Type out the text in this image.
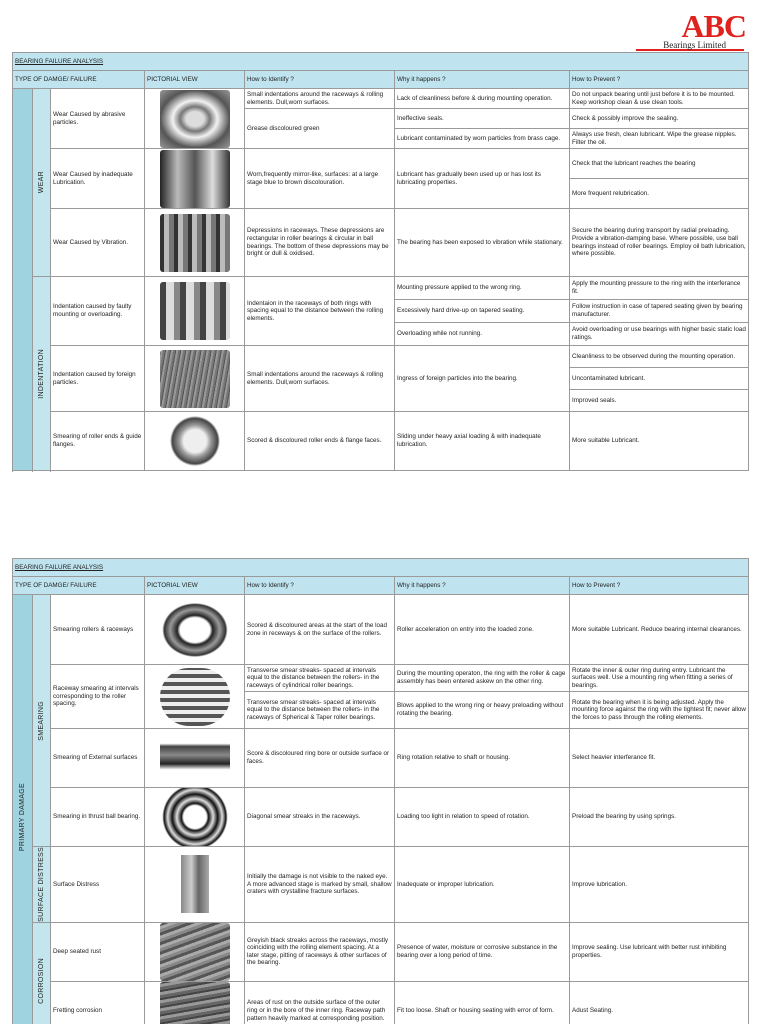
ABC
Bearings Limited
BEARING FAILURE ANALYSIS						
TYPE OF DAMGE/ FAILURE			PICTORIAL VIEW	How to Identify ?	Why it happens ?	How to Prevent ?

	WEAR	Wear Caused by abrasive particles.		Small indentations around the raceways & rolling elements. Dull,worn surfaces.	Lack of cleanliness before & during mounting operation.	Do not unpack bearing until just before it is to be mounted. Keep workshop clean & use clean tools.
				Grease discoloured green	Ineffective seals.	Check & possibly improve the sealing.
					Lubricant contaminated by worn particles from brass cage.	Always use fresh, clean lubricant. Wipe the grease nipples. Filter the oil.
		Wear Caused by inadequate Lubrication.		Worn,frequently mirror-like, surfaces: at a large stage blue to brown discolouration.	Lubricant has gradually been used up or has lost its lubricating properties.	Check that the lubricant reaches the bearing
						More frequent relubrication.
		Wear Caused by Vibration.		Depressions in raceways. These depressions are rectangular in roller bearings & circular in ball bearings. The bottom of these depressions may be bright or dull & oxidised.	The bearing has been exposed to vibration while stationary.	Secure the bearing during transport by radial preloading. Provide a vibration-damping base. Where possible, use ball bearings instead of roller bearings. Employ oil bath lubrication, where possible.

	INDENTATION	Indentation caused by faulty mounting or overloading.		Indentaion in the raceways of both rings with spacing equal to the distance between the rolling elements.	Mounting pressure applied to the wrong ring.	Apply the mounting pressure to the ring with the interferance fit.
					Excessively hard drive-up on tapered seating.	Follow instruction in case of tapered seating given by bearing manufacturer.
					Overloading while not running.	Avoid overloading or use bearings with higher basic static load ratings.
		Indentation caused by foreign particles.		Small indentations around the raceways & rolling elements. Dull,worn surfaces.	Ingress of foreign particles into the bearing.	Cleanliness to be observed during the mounting operation.
						Uncontaminated lubricant.
						Improved seals.
		Smearing of roller ends & guide flanges.		Scored & discoloured roller ends & flange faces.	Sliding under heavy axial loading & with inadequate lubrication.	More suitable Lubricant.

BEARING FAILURE ANALYSIS						
TYPE OF DAMGE/ FAILURE			PICTORIAL VIEW	How to Identify ?	Why it happens ?	How to Prevent ?

PRIMARY DAMAGE	SMEARING	Smearing rollers & raceways		Scored & discoloured areas at the start of the load zone in receways & on the surface of the rollers.	Roller acceleration on entry into the loaded zone.	More suitable Lubricant. Reduce bearing internal clearances.
		Raceway smearing at intervals corresponding to the roller spacing.		Transverse smear streaks- spaced at intervals equal to the distance between the rollers- in the raceways of cylindrical roller bearings.	During the mounting operaton, the ring with the roller & cage assembly has been entered askew on the other ring.	Rotate the inner & outer ring during entry. Lubricant the surfaces well. Use a mounting ring when fitting a series of bearings.
				Transverse smear streaks- spaced at intervals equal to the distance between the rollers- in the raceways of Spherical & Taper roller bearings.	Blows applied to the wrong ring or heavy preloading without rotating the bearing.	Rotate the bearing when it is being adjusted. Apply the mounting force against the ring with the tightest fit; never allow the forces to pass through the rolling elements.
		Smearing of External surfaces		Score & discoloured ring bore or outside surface or faces.	Ring rotation relative to shaft or housing.	Select heavier interferance fit.
		Smearing in thrust ball bearing.		Diagonal smear streaks in the raceways.	Loading too light in relation to speed of rotation.	Preload the bearing by using springs.

	SURFACE DISTRESS	Surface Distress		Initially the damage is not visible to the naked eye. A more advanced stage is marked by small, shallow craters with crystalline fracture surfaces.	Inadequate or improper lubrication.	Improve lubrication.

	CORROSION	Deep seated rust		Greyish black streaks across the raceways, mostly coinciding with the rolling element spacing. At a later stage, pitting of raceways & other surfaces of the bearing.	Presence of water, moisture or corrosive substance in the bearing over a long period of time.	Improve sealing. Use lubricant with better rust inhibiting properties.
		Fretting corrosion		Areas of rust on the outside surface of the outer ring or in the bore of the inner ring. Raceway path pattern heavily marked at corresponding position.	Fit too loose. Shaft or housing seating with error of form.	Adust Seating.
